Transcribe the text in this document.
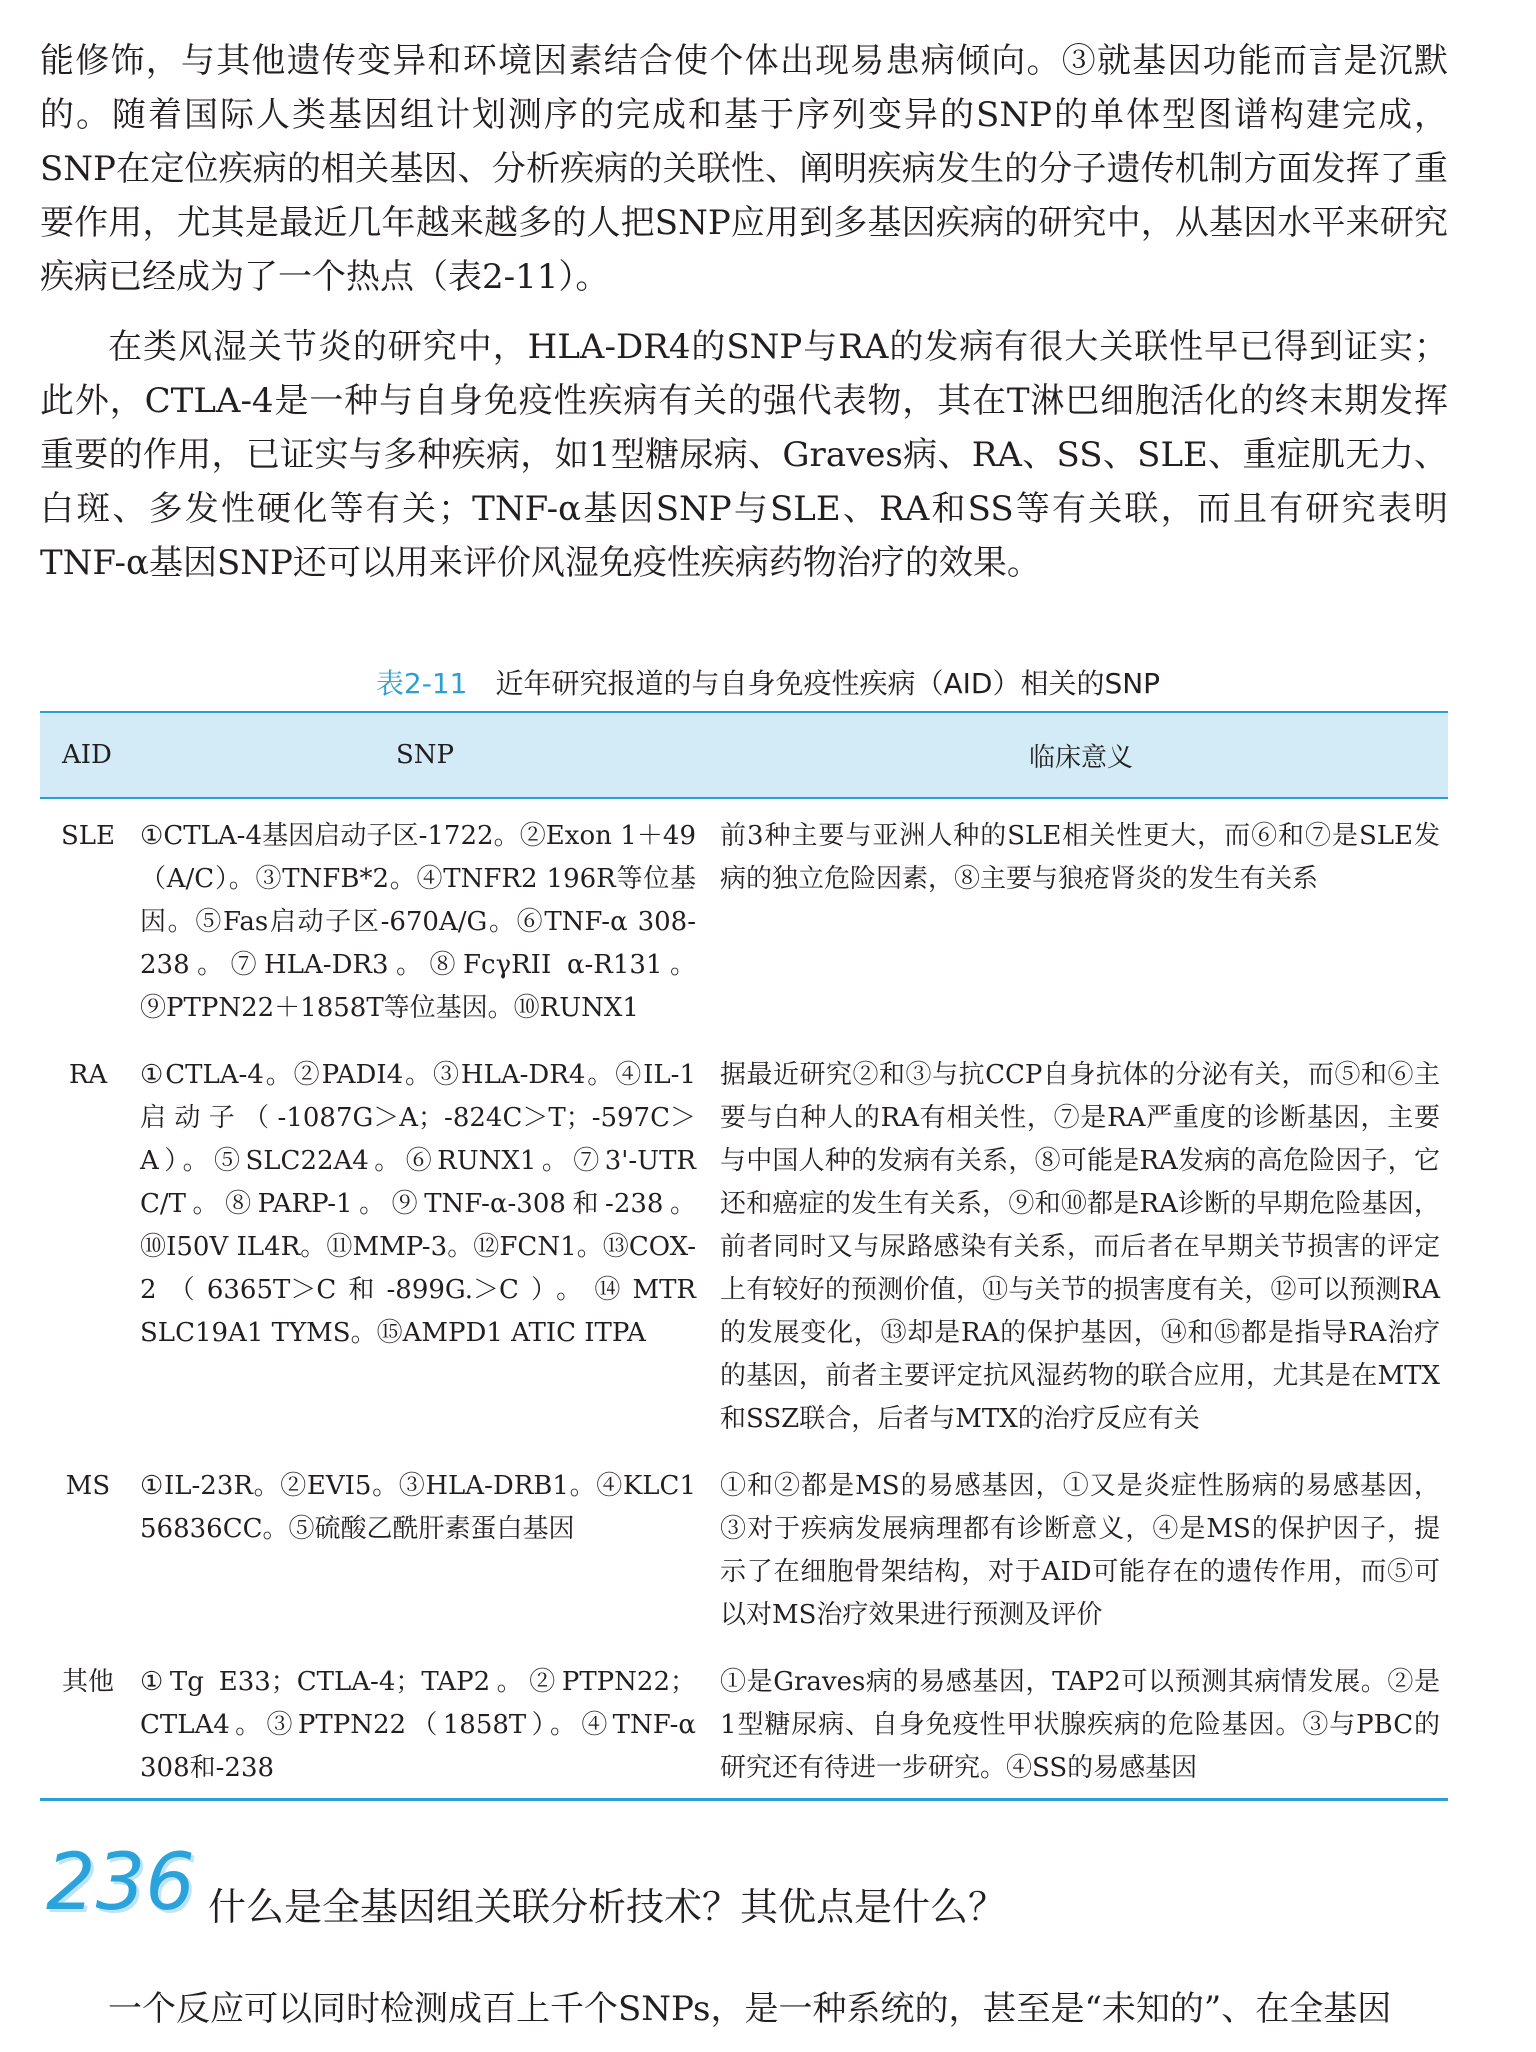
能修饰，与其他遗传变异和环境因素结合使个体出现易患病倾向。③就基因功能而言是沉默的。随着国际人类基因组计划测序的完成和基于序列变异的SNP的单体型图谱构建完成，SNP在定位疾病的相关基因、分析疾病的关联性、阐明疾病发生的分子遗传机制方面发挥了重要作用，尤其是最近几年越来越多的人把SNP应用到多基因疾病的研究中，从基因水平来研究疾病已经成为了一个热点（表2-11）。

在类风湿关节炎的研究中，HLA-DR4的SNP与RA的发病有很大关联性早已得到证实；此外，CTLA-4是一种与自身免疫性疾病有关的强代表物，其在T淋巴细胞活化的终末期发挥重要的作用，已证实与多种疾病，如1型糖尿病、Graves病、RA、SS、SLE、重症肌无力、白斑、多发性硬化等有关；TNF-α基因SNP与SLE、RA和SS等有关联，而且有研究表明TNF-α基因SNP还可以用来评价风湿免疫性疾病药物治疗的效果。

表2-11 近年研究报道的与自身免疫性疾病（AID）相关的SNP
AID	SNP	临床意义
SLE	①CTLA-4基因启动子区-1722。②Exon 1＋49（A/C）。③TNFB*2。④TNFR2 196R等位基因。⑤Fas启动子区-670A/G。⑥TNF-α 308-238。⑦HLA-DR3。⑧FcγRII α-R131。⑨PTPN22＋1858T等位基因。⑩RUNX1	前3种主要与亚洲人种的SLE相关性更大，而⑥和⑦是SLE发病的独立危险因素，⑧主要与狼疮肾炎的发生有关系
RA	①CTLA-4。②PADI4。③HLA-DR4。④IL-1启动子（-1087G＞A；-824C＞T；-597C＞A）。⑤SLC22A4。⑥RUNX1。⑦3'-UTR C/T。⑧PARP-1。⑨TNF-α-308和-238。⑩I50V IL4R。⑪MMP-3。⑫FCN1。⑬COX-2（6365T＞C和-899G.＞C）。⑭MTR SLC19A1 TYMS。⑮AMPD1 ATIC ITPA	据最近研究②和③与抗CCP自身抗体的分泌有关，而⑤和⑥主要与白种人的RA有相关性，⑦是RA严重度的诊断基因，主要与中国人种的发病有关系，⑧可能是RA发病的高危险因子，它还和癌症的发生有关系，⑨和⑩都是RA诊断的早期危险基因，前者同时又与尿路感染有关系，而后者在早期关节损害的评定上有较好的预测价值，⑪与关节的损害度有关，⑫可以预测RA的发展变化，⑬却是RA的保护基因，⑭和⑮都是指导RA治疗的基因，前者主要评定抗风湿药物的联合应用，尤其是在MTX和SSZ联合，后者与MTX的治疗反应有关
MS	①IL-23R。②EVI5。③HLA-DRB1。④KLC1 56836CC。⑤硫酸乙酰肝素蛋白基因	①和②都是MS的易感基因，①又是炎症性肠病的易感基因，③对于疾病发展病理都有诊断意义，④是MS的保护因子，提示了在细胞骨架结构，对于AID可能存在的遗传作用，而⑤可以对MS治疗效果进行预测及评价
其他	①Tg E33；CTLA-4；TAP2。②PTPN22；CTLA4。③PTPN22（1858T）。④TNF-α 308和-238	①是Graves病的易感基因，TAP2可以预测其病情发展。②是1型糖尿病、自身免疫性甲状腺疾病的危险基因。③与PBC的研究还有待进一步研究。④SS的易感基因
236 什么是全基因组关联分析技术？其优点是什么？

一个反应可以同时检测成百上千个SNPs，是一种系统的，甚至是“未知的”、在全基因
